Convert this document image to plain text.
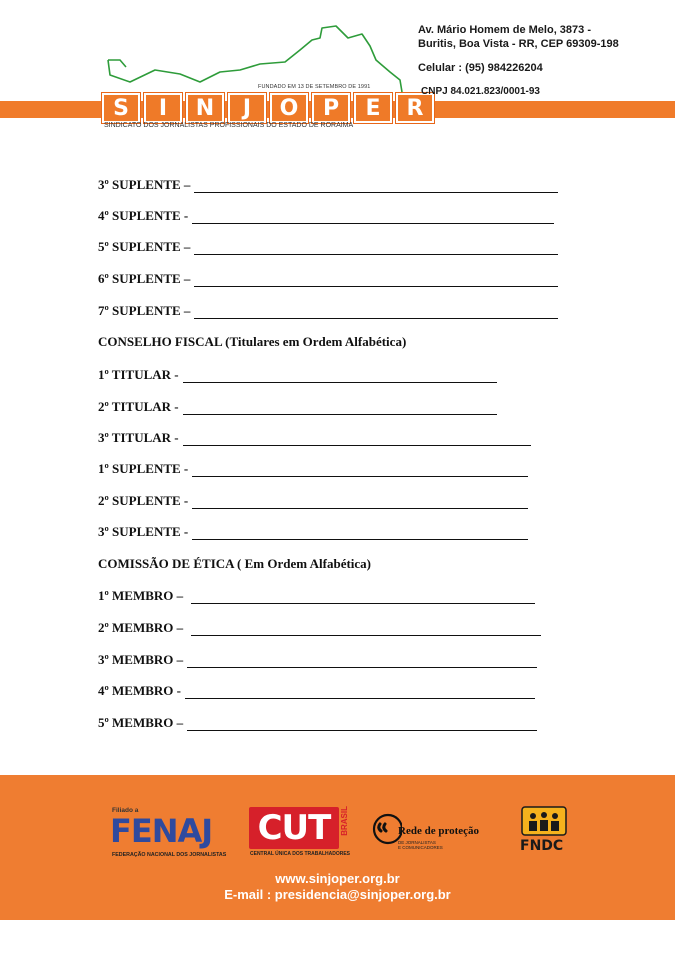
FUNDADO EM 13 DE SETEMBRO DE 1991
S	I	N	J	O	P	E	R
SINDICATO DOS JORNALISTAS PROFISSIONAIS DO ESTADO DE RORAIMA
Av. Mário Homem de Melo, 3873 -
Buritis, Boa Vista - RR, CEP 69309-198
Celular : (95) 984226204
CNPJ 84.021.823/0001-93
3º SUPLENTE –
4º SUPLENTE -
5º SUPLENTE –
6º SUPLENTE –
7º SUPLENTE –
CONSELHO FISCAL (Titulares em Ordem Alfabética)
1º TITULAR -
2º TITULAR -
3º TITULAR -
1º SUPLENTE -
2º SUPLENTE -
3º SUPLENTE -
COMISSÃO DE ÉTICA ( Em Ordem Alfabética)
1º MEMBRO –
2º MEMBRO –
3º MEMBRO –
4º MEMBRO -
5º MEMBRO –
Filiado a
FENAJ
FEDERAÇÃO NACIONAL DOS JORNALISTAS
CUT	BRASIL
CENTRAL ÚNICA DOS TRABALHADORES
Rede de proteção
DE JORNALISTAS
E COMUNICADORES	FNDC
www.sinjoper.org.br
E-mail : presidencia@sinjoper.org.br
